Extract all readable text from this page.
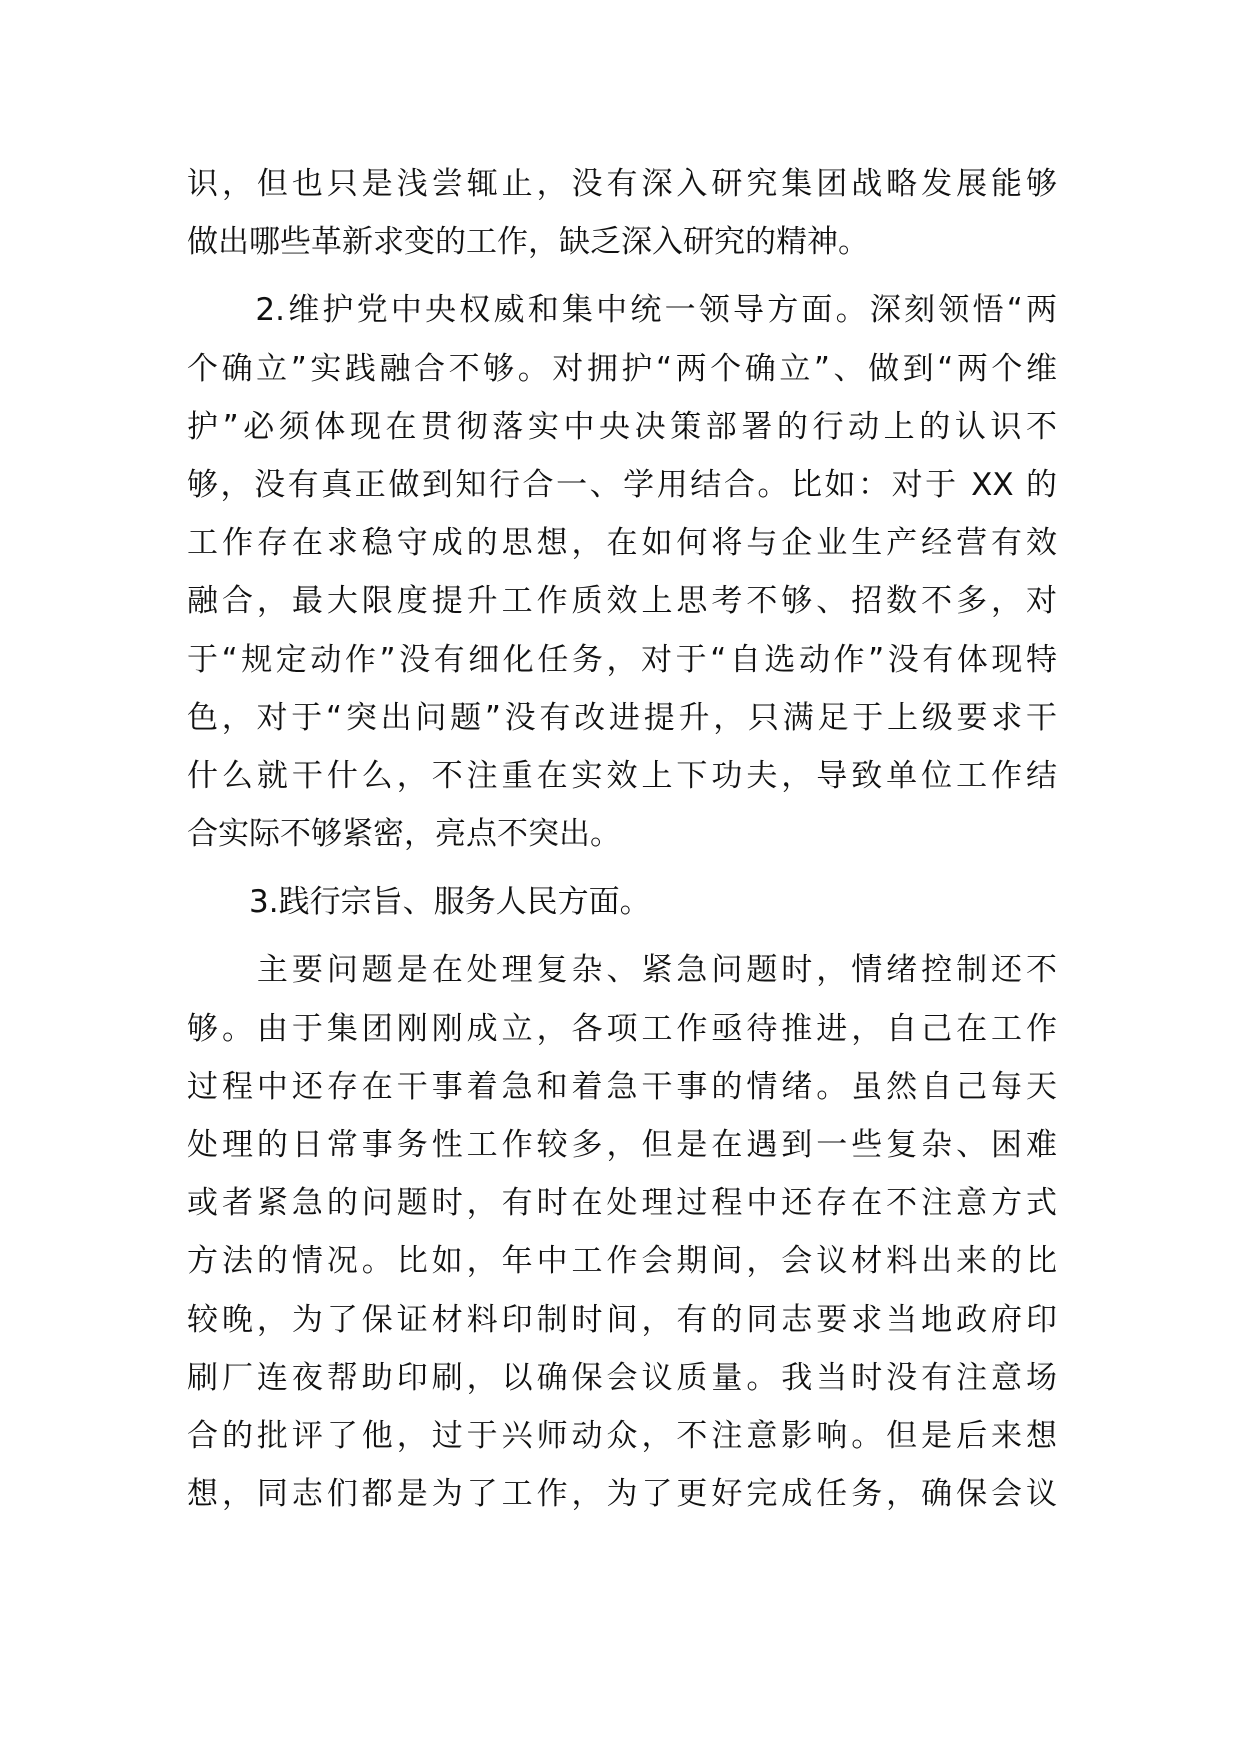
识，但也只是浅尝辄止，没有深入研究集团战略发展能够
做出哪些革新求变的工作，缺乏深入研究的精神。
　　2.维护党中央权威和集中统一领导方面。深刻领悟“两
个确立”实践融合不够。对拥护“两个确立”、做到“两个维
护”必须体现在贯彻落实中央决策部署的行动上的认识不
够，没有真正做到知行合一、学用结合。比如：对于 XX 的
工作存在求稳守成的思想，在如何将与企业生产经营有效
融合，最大限度提升工作质效上思考不够、招数不多，对
于“规定动作”没有细化任务，对于“自选动作”没有体现特
色，对于“突出问题”没有改进提升，只满足于上级要求干
什么就干什么，不注重在实效上下功夫，导致单位工作结
合实际不够紧密，亮点不突出。
　　3.践行宗旨、服务人民方面。
　　主要问题是在处理复杂、紧急问题时，情绪控制还不
够。由于集团刚刚成立，各项工作亟待推进，自己在工作
过程中还存在干事着急和着急干事的情绪。虽然自己每天
处理的日常事务性工作较多，但是在遇到一些复杂、困难
或者紧急的问题时，有时在处理过程中还存在不注意方式
方法的情况。比如，年中工作会期间，会议材料出来的比
较晚，为了保证材料印制时间，有的同志要求当地政府印
刷厂连夜帮助印刷，以确保会议质量。我当时没有注意场
合的批评了他，过于兴师动众，不注意影响。但是后来想
想，同志们都是为了工作，为了更好完成任务，确保会议
